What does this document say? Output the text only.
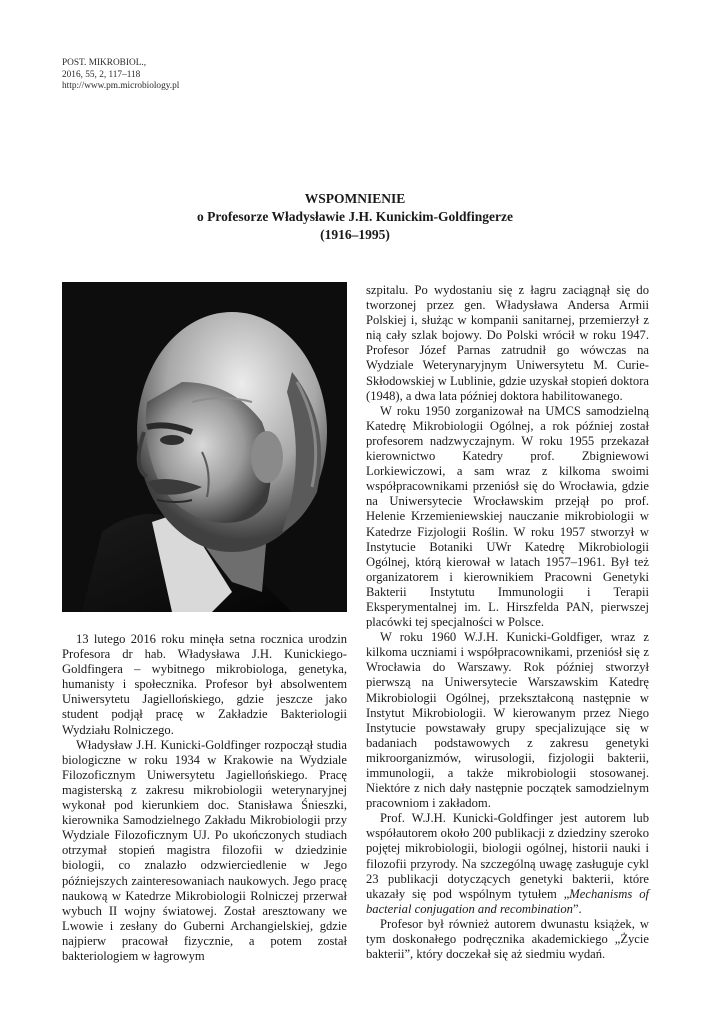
POST. MIKROBIOL.,
2016, 55, 2, 117–118
http://www.pm.microbiology.pl
WSPOMNIENIE
o Profesorze Władysławie J.H. Kunickim-Goldfingerze
(1916–1995)

13 lutego 2016 roku minęła setna rocznica urodzin Profesora dr hab. Władysława J.H. Kunickiego-Goldfingera – wybitnego mikrobiologa, genetyka, humanisty i społecznika. Profesor był absolwentem Uniwersytetu Jagiellońskiego, gdzie jeszcze jako student podjął pracę w Zakładzie Bakteriologii Wydziału Rolniczego.

Władysław J.H. Kunicki-Goldfinger rozpoczął studia biologiczne w roku 1934 w Krakowie na Wydziale Filozoficznym Uniwersytetu Jagiellońskiego. Pracę magisterską z zakresu mikrobiologii weterynaryjnej wykonał pod kierunkiem doc. Stanisława Śnieszki, kierownika Samodzielnego Zakładu Mikrobiologii przy Wydziale Filozoficznym UJ. Po ukończonych studiach otrzymał stopień magistra filozofii w dziedzinie biologii, co znalazło odzwierciedlenie w Jego późniejszych zainteresowaniach naukowych. Jego pracę naukową w Katedrze Mikrobiologii Rolniczej przerwał wybuch II wojny światowej. Został aresztowany we Lwowie i zesłany do Guberni Archangielskiej, gdzie najpierw pracował fizycznie, a potem został bakteriologiem w łagrowym

szpitalu. Po wydostaniu się z łagru zaciągnął się do tworzonej przez gen. Władysława Andersa Armii Polskiej i, służąc w kompanii sanitarnej, przemierzył z nią cały szlak bojowy. Do Polski wrócił w roku 1947. Profesor Józef Parnas zatrudnił go wówczas na Wydziale Weterynaryjnym Uniwersytetu M. Curie-Skłodowskiej w Lublinie, gdzie uzyskał stopień doktora (1948), a dwa lata później doktora habilitowanego.

W roku 1950 zorganizował na UMCS samodzielną Katedrę Mikrobiologii Ogólnej, a rok później został profesorem nadzwyczajnym. W roku 1955 przekazał kierownictwo Katedry prof. Zbigniewowi Lorkiewiczowi, a sam wraz z kilkoma swoimi współpracownikami przeniósł się do Wrocławia, gdzie na Uniwersytecie Wrocławskim przejął po prof. Helenie Krzemieniewskiej nauczanie mikrobiologii w Katedrze Fizjologii Roślin. W roku 1957 stworzył w Instytucie Botaniki UWr Katedrę Mikrobiologii Ogólnej, którą kierował w latach 1957–1961. Był też organizatorem i kierownikiem Pracowni Genetyki Bakterii Instytutu Immunologii i Terapii Eksperymentalnej im. L. Hirszfelda PAN, pierwszej placówki tej specjalności w Polsce.

W roku 1960 W.J.H. Kunicki-Goldfiger, wraz z kilkoma uczniami i współpracownikami, przeniósł się z Wrocławia do Warszawy. Rok później stworzył pierwszą na Uniwersytecie Warszawskim Katedrę Mikrobiologii Ogólnej, przekształconą następnie w Instytut Mikrobiologii. W kierowanym przez Niego Instytucie powstawały grupy specjalizujące się w badaniach podstawowych z zakresu genetyki mikroorganizmów, wirusologii, fizjologii bakterii, immunologii, a także mikrobiologii stosowanej. Niektóre z nich dały następnie początek samodzielnym pracowniom i zakładom.

Prof. W.J.H. Kunicki-Goldfinger jest autorem lub współautorem około 200 publikacji z dziedziny szeroko pojętej mikrobiologii, biologii ogólnej, historii nauki i filozofii przyrody. Na szczególną uwagę zasługuje cykl 23 publikacji dotyczących genetyki bakterii, które ukazały się pod wspólnym tytułem „Mechanisms of bacterial conjugation and recombination”.

Profesor był również autorem dwunastu książek, w tym doskonałego podręcznika akademickiego „Życie bakterii”, który doczekał się aż siedmiu wydań.
